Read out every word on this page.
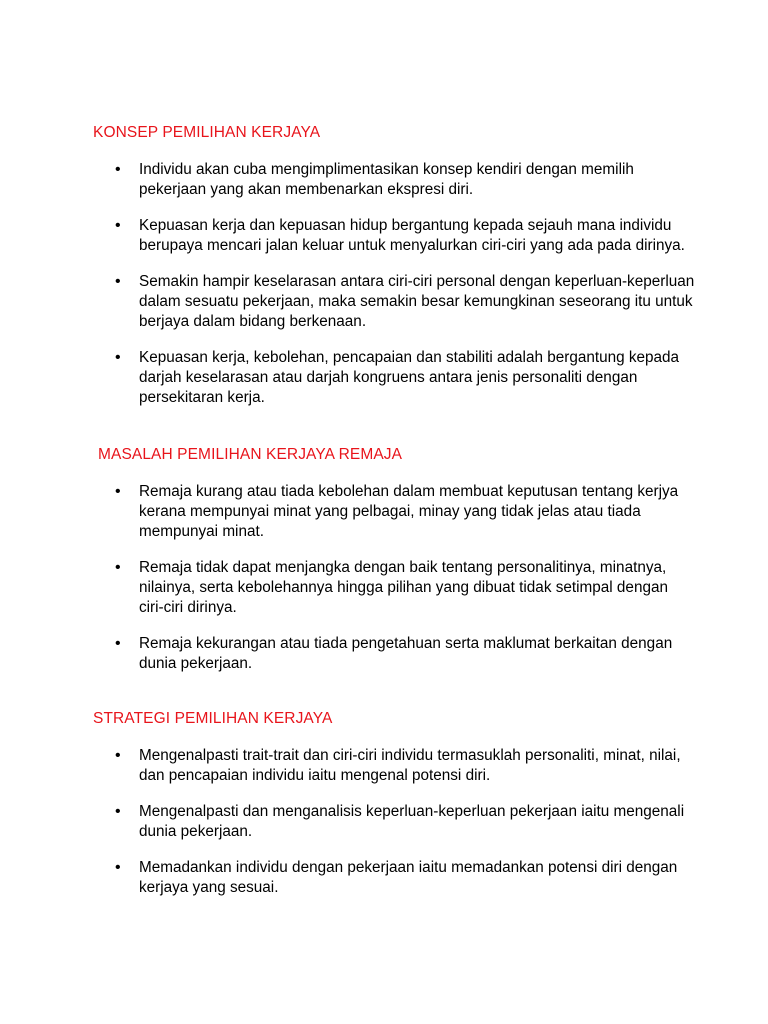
KONSEP PEMILIHAN KERJAYA
• Individu akan cuba mengimplimentasikan konsep kendiri dengan memilih pekerjaan yang akan membenarkan ekspresi diri.
• Kepuasan kerja dan kepuasan hidup bergantung kepada sejauh mana individu berupaya mencari jalan keluar untuk menyalurkan ciri-ciri yang ada pada dirinya.
• Semakin hampir keselarasan antara ciri-ciri personal dengan keperluan-keperluan dalam sesuatu pekerjaan, maka semakin besar kemungkinan seseorang itu untuk berjaya dalam bidang berkenaan.
• Kepuasan kerja, kebolehan, pencapaian dan stabiliti adalah bergantung kepada darjah keselarasan atau darjah kongruens antara jenis personaliti dengan persekitaran kerja.
MASALAH PEMILIHAN KERJAYA REMAJA
• Remaja kurang atau tiada kebolehan dalam membuat keputusan tentang kerjya kerana mempunyai minat yang pelbagai, minay yang tidak jelas atau tiada mempunyai minat.
• Remaja tidak dapat menjangka dengan baik tentang personalitinya, minatnya, nilainya, serta kebolehannya hingga pilihan yang dibuat tidak setimpal dengan ciri-ciri dirinya.
• Remaja kekurangan atau tiada pengetahuan serta maklumat berkaitan dengan dunia pekerjaan.
STRATEGI PEMILIHAN KERJAYA
• Mengenalpasti trait-trait dan ciri-ciri individu termasuklah personaliti, minat, nilai, dan pencapaian individu iaitu mengenal potensi diri.
• Mengenalpasti dan menganalisis keperluan-keperluan pekerjaan iaitu mengenali dunia pekerjaan.
• Memadankan individu dengan pekerjaan iaitu memadankan potensi diri dengan kerjaya yang sesuai.
